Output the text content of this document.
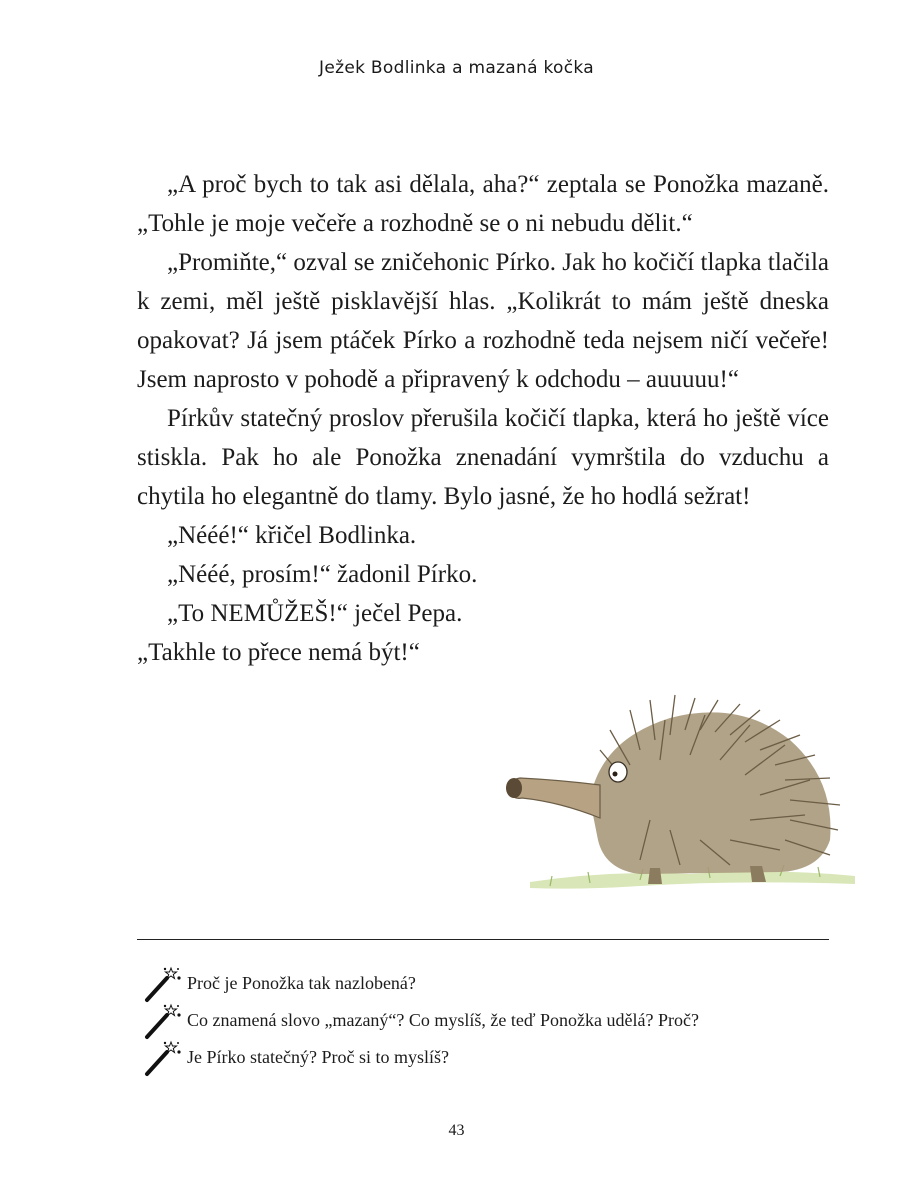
Ježek Bodlinka a mazaná kočka

„A proč bych to tak asi dělala, aha?“ zeptala se Ponožka mazaně. „Tohle je moje večeře a rozhodně se o ni nebudu dělit.“

„Promiňte,“ ozval se zničehonic Pírko. Jak ho kočičí tlapka tlačila k zemi, měl ještě pisklavější hlas. „Kolikrát to mám ještě dneska opakovat? Já jsem ptáček Pírko a rozhodně teda nejsem ničí večeře! Jsem naprosto v pohodě a připravený k odchodu – auuuuu!“

Pírkův statečný proslov přerušila kočičí tlapka, která ho ještě více stiskla. Pak ho ale Ponožka znenadání vymrštila do vzduchu a chytila ho elegantně do tlamy. Bylo jasné, že ho hodlá sežrat!

„Nééé!“ křičel Bodlinka.

„Nééé, prosím!“ žadonil Pírko.

„To NEMŮŽEŠ!“ ječel Pepa.

„Takhle to přece nemá být!“

Proč je Ponožka tak nazlobená?
Co znamená slovo „mazaný“? Co myslíš, že teď Ponožka udělá? Proč?
Je Pírko statečný? Proč si to myslíš?
43
